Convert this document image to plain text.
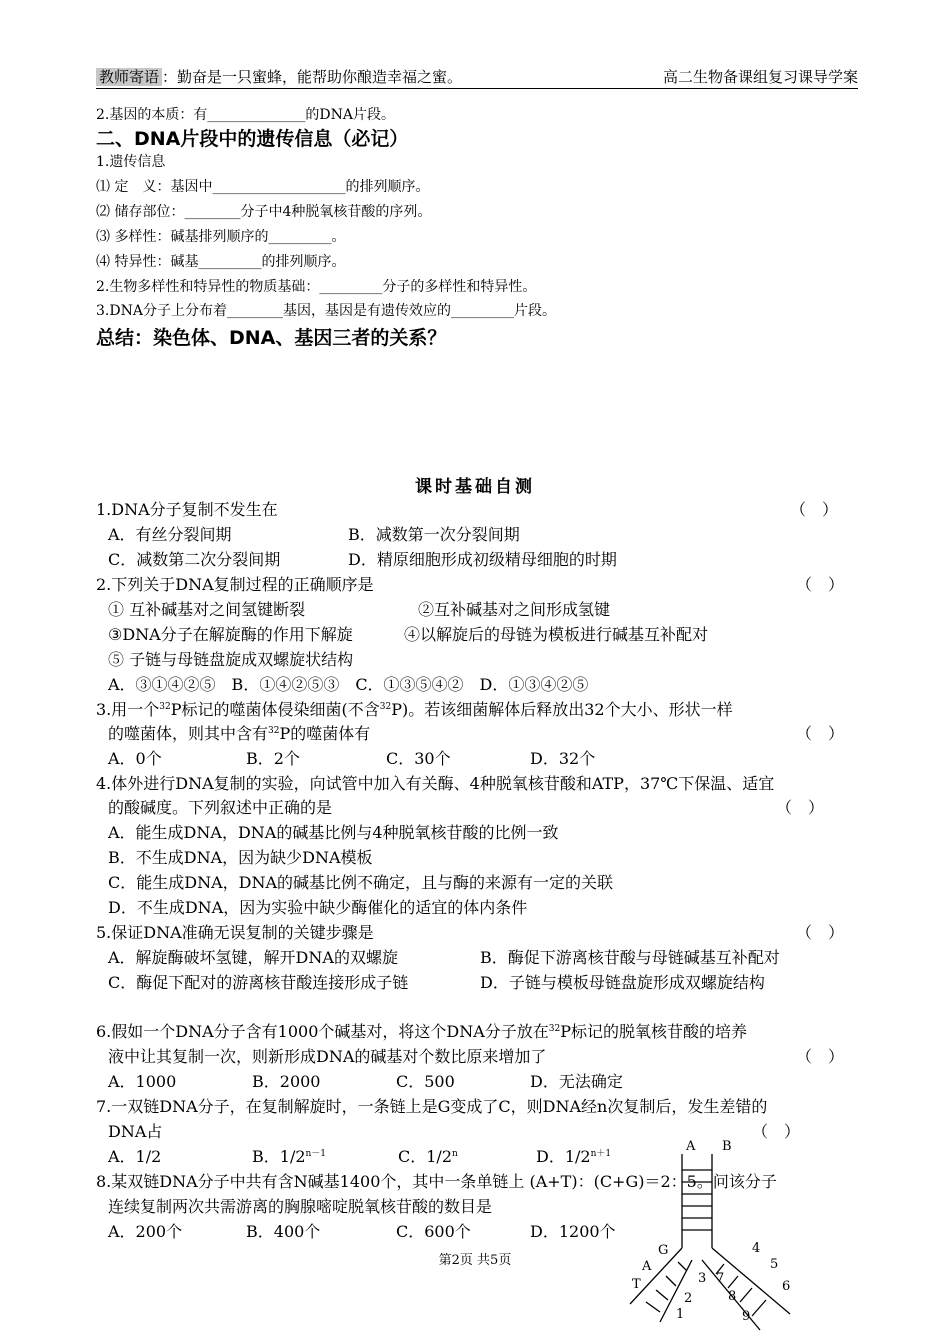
教师寄语 ：勤奋是一只蜜蜂，能帮助你酿造幸福之蜜。	高二生物备课组复习课导学案
2.基因的本质：有______________的DNA片段。
二、DNA片段中的遗传信息（必记）
1.遗传信息
⑴ 定　义：基因中___________________的排列顺序。
⑵ 储存部位：________分子中4种脱氧核苷酸的序列。
⑶ 多样性：碱基排列顺序的_________。
⑷ 特异性：碱基_________的排列顺序。
2.生物多样性和特异性的物质基础：_________分子的多样性和特异性。
3.DNA分子上分布着________基因，基因是有遗传效应的_________片段。
总结：染色体、DNA、基因三者的关系？
课时基础自测
1.DNA分子复制不发生在	（　）
A．有丝分裂间期	B．减数第一次分裂间期
C．减数第二次分裂间期	D．精原细胞形成初级精母细胞的时期
2.下列关于DNA复制过程的正确顺序是	（　）
① 互补碱基对之间氢键断裂	②互补碱基对之间形成氢键
③DNA分子在解旋酶的作用下解旋	④以解旋后的母链为模板进行碱基互补配对
⑤ 子链与母链盘旋成双螺旋状结构
A．③①④②⑤　B．①④②⑤③　C．①③⑤④②　D．①③④②⑤
3.用一个$^{32}$P标记的噬菌体侵染细菌(不含$^{32}$P)。若该细菌解体后释放出32个大小、形状一样
的噬菌体，则其中含有$^{32}$P的噬菌体有	（　）
A．0个	B．2个	C．30个	D．32个
4.体外进行DNA复制的实验，向试管中加入有关酶、4种脱氧核苷酸和ATP，37℃下保温、适宜
的酸碱度。下列叙述中正确的是	（　）
A．能生成DNA，DNA的碱基比例与4种脱氧核苷酸的比例一致
B．不生成DNA，因为缺少DNA模板
C．能生成DNA，DNA的碱基比例不确定，且与酶的来源有一定的关联
D．不生成DNA，因为实验中缺少酶催化的适宜的体内条件
5.保证DNA准确无误复制的关键步骤是	（　）
A．解旋酶破坏氢键，解开DNA的双螺旋	B．酶促下游离核苷酸与母链碱基互补配对
C．酶促下配对的游离核苷酸连接形成子链	D．子链与模板母链盘旋形成双螺旋结构
6.假如一个DNA分子含有1000个碱基对，将这个DNA分子放在$^{32}$P标记的脱氧核苷酸的培养
液中让其复制一次，则新形成DNA的碱基对个数比原来增加了	（　）
A．1000	B．2000	C．500	D．无法确定
7.一双链DNA分子，在复制解旋时，一条链上是G变成了C，则DNA经n次复制后，发生差错的
DNA占	（　）
A．1/2	B．$1/2^{n-1}$	C．1/2$^n$	D．$1/2^{n+1}$
8.某双链DNA分子中共有含N碱基1400个，其中一条单链上 (A+T)：(C+G)＝2：5。问该分子
连续复制两次共需游离的胸腺嘧啶脱氧核苷酸的数目是
A．200个	B．400个	C．600个	D．1200个
A B
G
A
T
1
2
3
4
5
6
7
8
9
第2页 共5页
